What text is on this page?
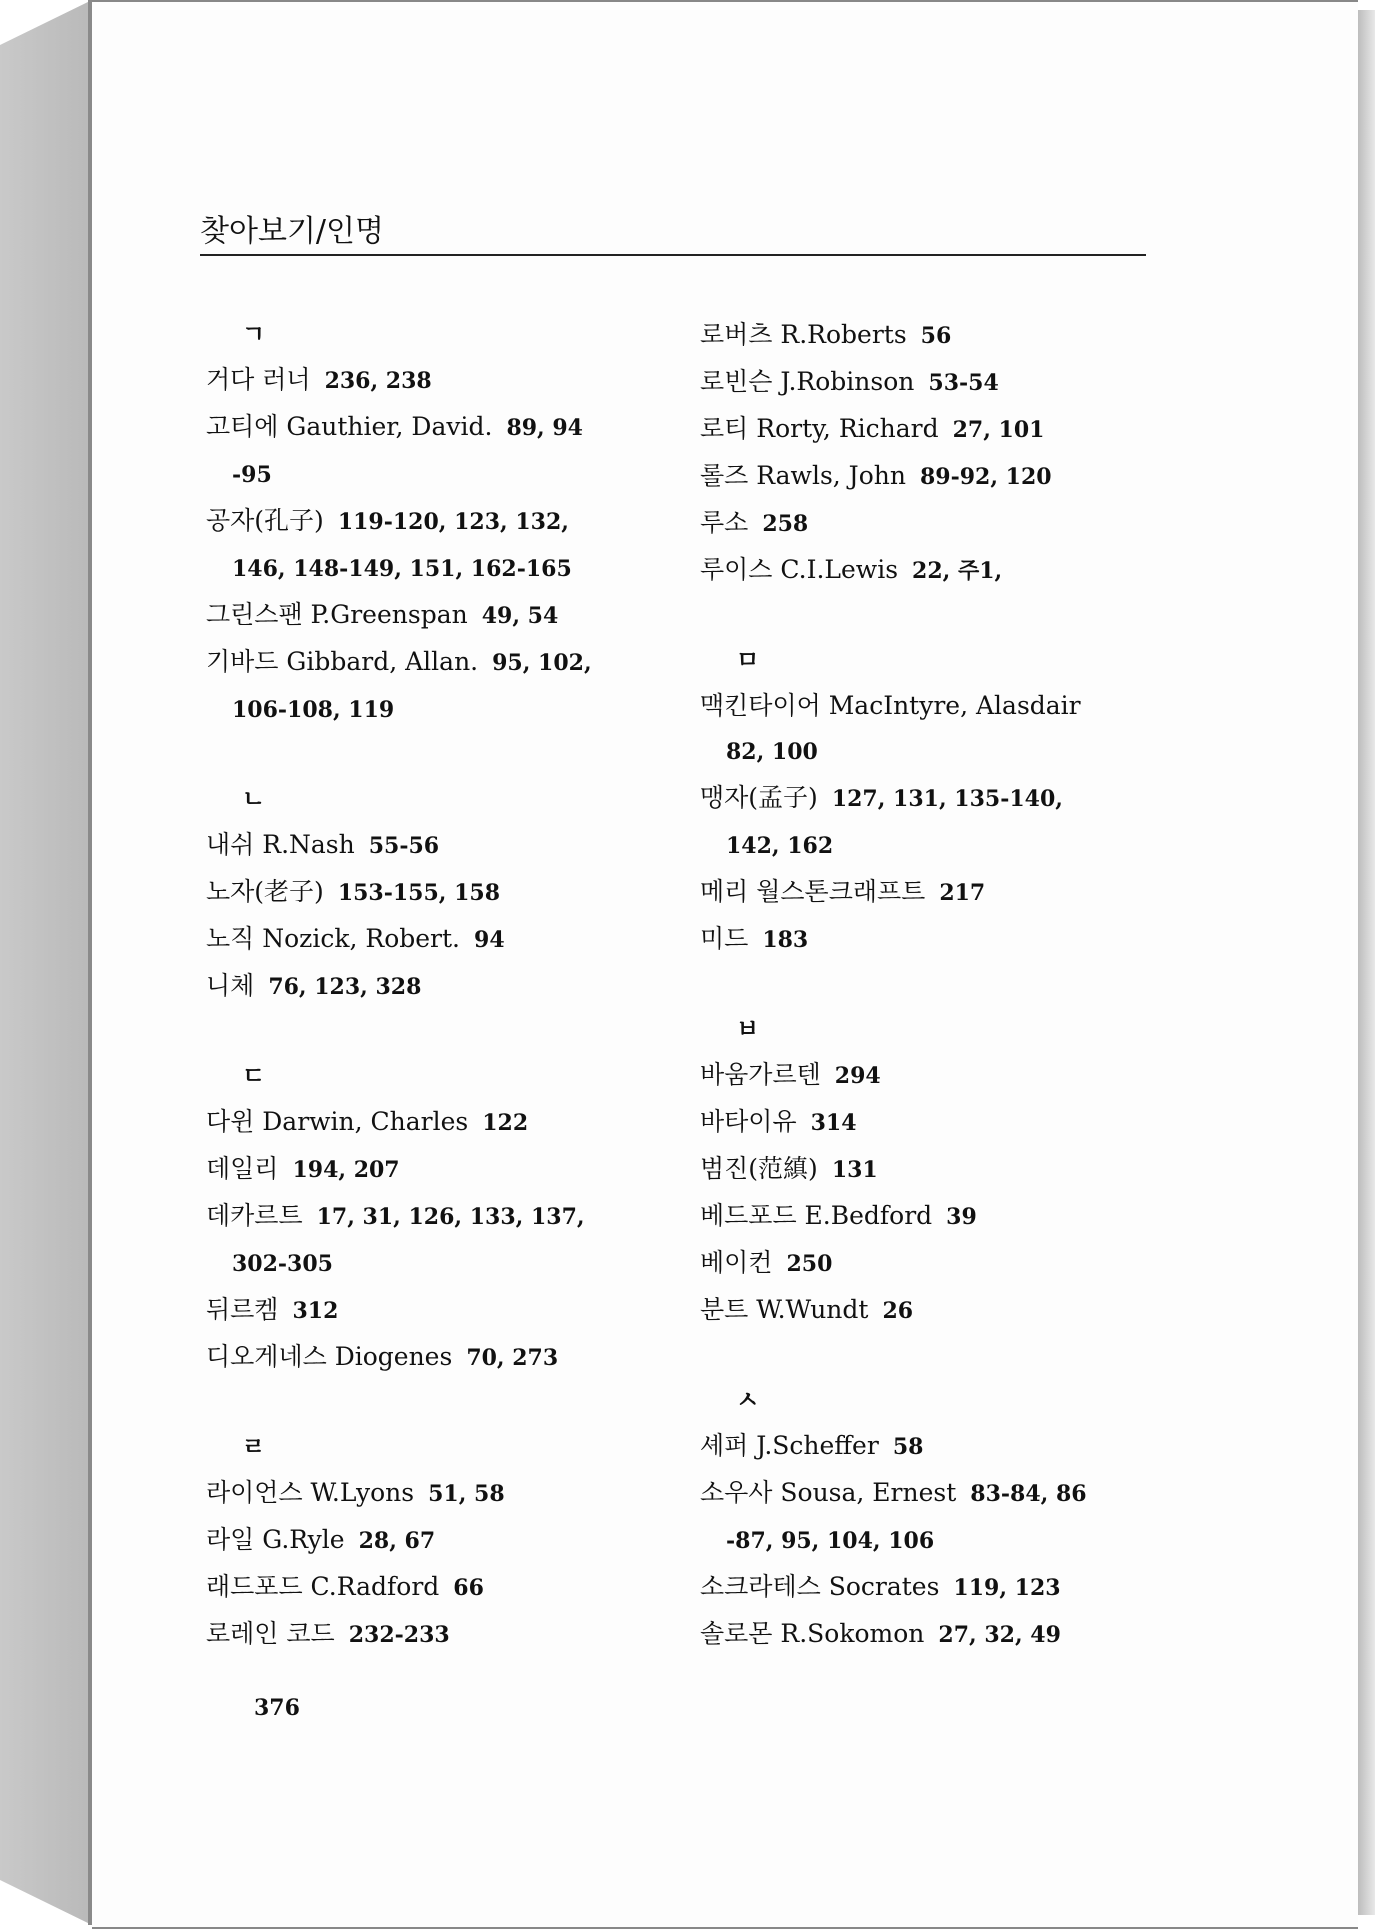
찾아보기/인명
ㄱ
거다 러너 236, 238
고티에 Gauthier, David. 89, 94
-95
공자(孔子) 119-120, 123, 132,
146, 148-149, 151, 162-165
그린스팬 P.Greenspan 49, 54
기바드 Gibbard, Allan. 95, 102,
106-108, 119
ㄴ
내쉬 R.Nash 55-56
노자(老子) 153-155, 158
노직 Nozick, Robert. 94
니체 76, 123, 328
ㄷ
다윈 Darwin, Charles 122
데일리 194, 207
데카르트 17, 31, 126, 133, 137,
302-305
뒤르켐 312
디오게네스 Diogenes 70, 273
ㄹ
라이언스 W.Lyons 51, 58
라일 G.Ryle 28, 67
래드포드 C.Radford 66
로레인 코드 232-233
로버츠 R.Roberts 56
로빈슨 J.Robinson 53-54
로티 Rorty, Richard 27, 101
롤즈 Rawls, John 89-92, 120
루소 258
루이스 C.I.Lewis 22, 주1,
ㅁ
맥킨타이어 MacIntyre, Alasdair
82, 100
맹자(孟子) 127, 131, 135-140,
142, 162
메리 월스톤크래프트 217
미드 183
ㅂ
바움가르텐 294
바타이유 314
범진(范縝) 131
베드포드 E.Bedford 39
베이컨 250
분트 W.Wundt 26
ㅅ
셰퍼 J.Scheffer 58
소우사 Sousa, Ernest 83-84, 86
-87, 95, 104, 106
소크라테스 Socrates 119, 123
솔로몬 R.Sokomon 27, 32, 49
376
